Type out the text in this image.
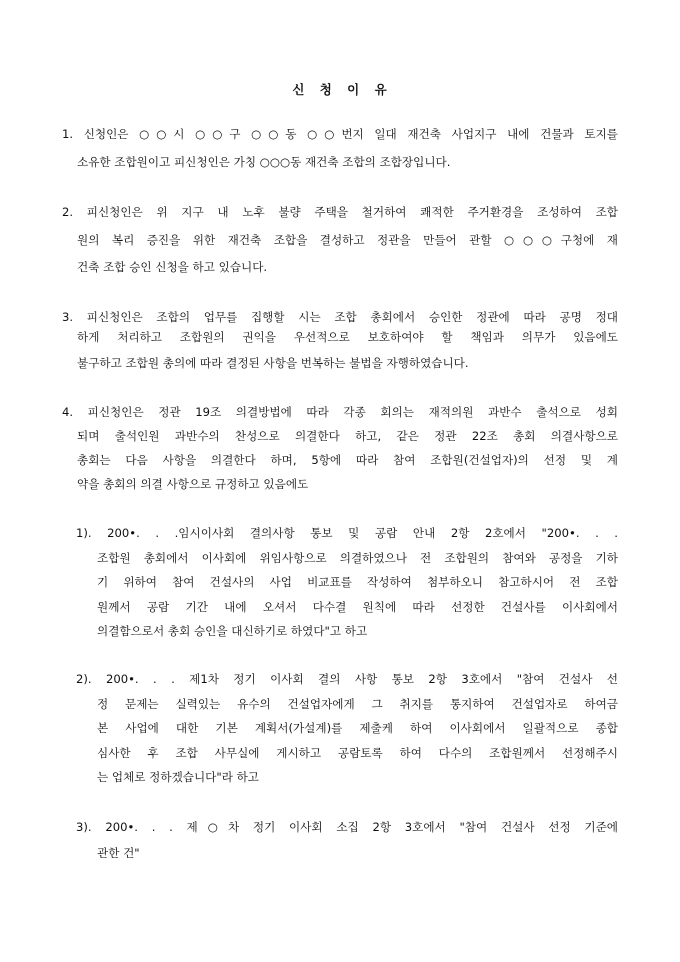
신 청 이 유
1. 신청인은 ○○시 ○○구 ○○동 ○○번지 일대 재건축 사업지구 내에 건물과 토지를
소유한 조합원이고 피신청인은 가칭 ○○○동 재건축 조합의 조합장입니다.
2. 피신청인은 위 지구 내 노후 불량 주택을 철거하여 쾌적한 주거환경을 조성하여 조합
원의 복리 증진을 위한 재건축 조합을 결성하고 정관을 만들어 관할 ○○○구청에 재
건축 조합 승인 신청을 하고 있습니다.
3. 피신청인은 조합의 업무를 집행할 시는 조합 총회에서 승인한 정관에 따라 공명 정대
하게 처리하고 조합원의 권익을 우선적으로 보호하여야 할 책임과 의무가 있음에도
불구하고 조합원 총의에 따라 결정된 사항을 번복하는 불법을 자행하였습니다.
4. 피신청인은 정관 19조 의결방법에 따라 각종 회의는 재적의원 과반수 출석으로 성회
되며 출석인원 과반수의 찬성으로 의결한다 하고, 같은 정관 22조 총회 의결사항으로
총회는 다음 사항을 의결한다 하며, 5항에 따라 참여 조합원(건설업자)의 선정 및 계
약을 총회의 의결 사항으로 규정하고 있음에도
1). 200•. . .임시이사회 결의사항 통보 및 공람 안내 2항 2호에서 "200•. . .
조합원 총회에서 이사회에 위임사항으로 의결하였으나 전 조합원의 참여와 공정을 기하
기 위하여 참여 건설사의 사업 비교표를 작성하여 첨부하오니 참고하시어 전 조합
원께서 공람 기간 내에 오셔서 다수결 원칙에 따라 선정한 건설사를 이사회에서
의결함으로서 총회 승인을 대신하기로 하였다"고 하고
2). 200•. . . 제1차 정기 이사회 결의 사항 통보 2항 3호에서 "참여 건설사 선
정 문제는 실력있는 유수의 건설업자에게 그 취지를 통지하여 건설업자로 하여금
본 사업에 대한 기본 계획서(가설계)를 제출케 하여 이사회에서 일괄적으로 종합
심사한 후 조합 사무실에 게시하고 공람토록 하여 다수의 조합원께서 선정해주시
는 업체로 정하겠습니다"라 하고
3). 200•. . . 제○차 정기 이사회 소집 2항 3호에서 "참여 건설사 선정 기준에
관한 건"
